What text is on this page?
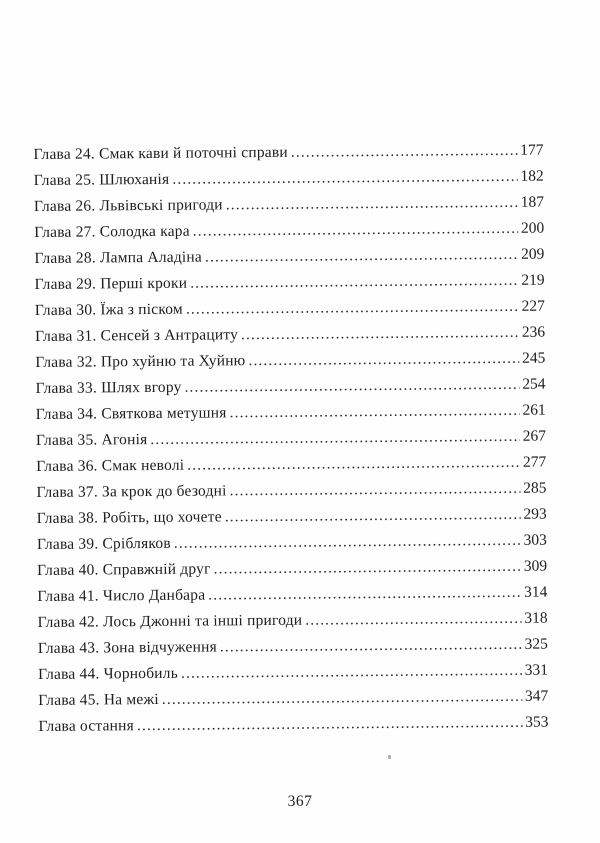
Глава 24. Смак кави й поточні справи .....	177
Глава 25. Шлюханія .....	182
Глава 26. Львівські пригоди .....	187
Глава 27. Солодка кара .....	200
Глава 28. Лампа Аладіна .....	209
Глава 29. Перші кроки .....	219
Глава 30. Їжа з піском .....	227
Глава 31. Сенсей з Антрациту .....	236
Глава 32. Про хуйню та Хуйню .....	245
Глава 33. Шлях вгору .....	254
Глава 34. Святкова метушня .....	261
Глава 35. Агонія .....	267
Глава 36. Смак неволі .....	277
Глава 37. За крок до безодні .....	285
Глава 38. Робіть, що хочете .....	293
Глава 39. Срібляков .....	303
Глава 40. Справжній друг .....	309
Глава 41. Число Данбара .....	314
Глава 42. Лось Джонні та інші пригоди .....	318
Глава 43. Зона відчуження .....	325
Глава 44. Чорнобиль .....	331
Глава 45. На межі .....	347
Глава остання .....	353
367
